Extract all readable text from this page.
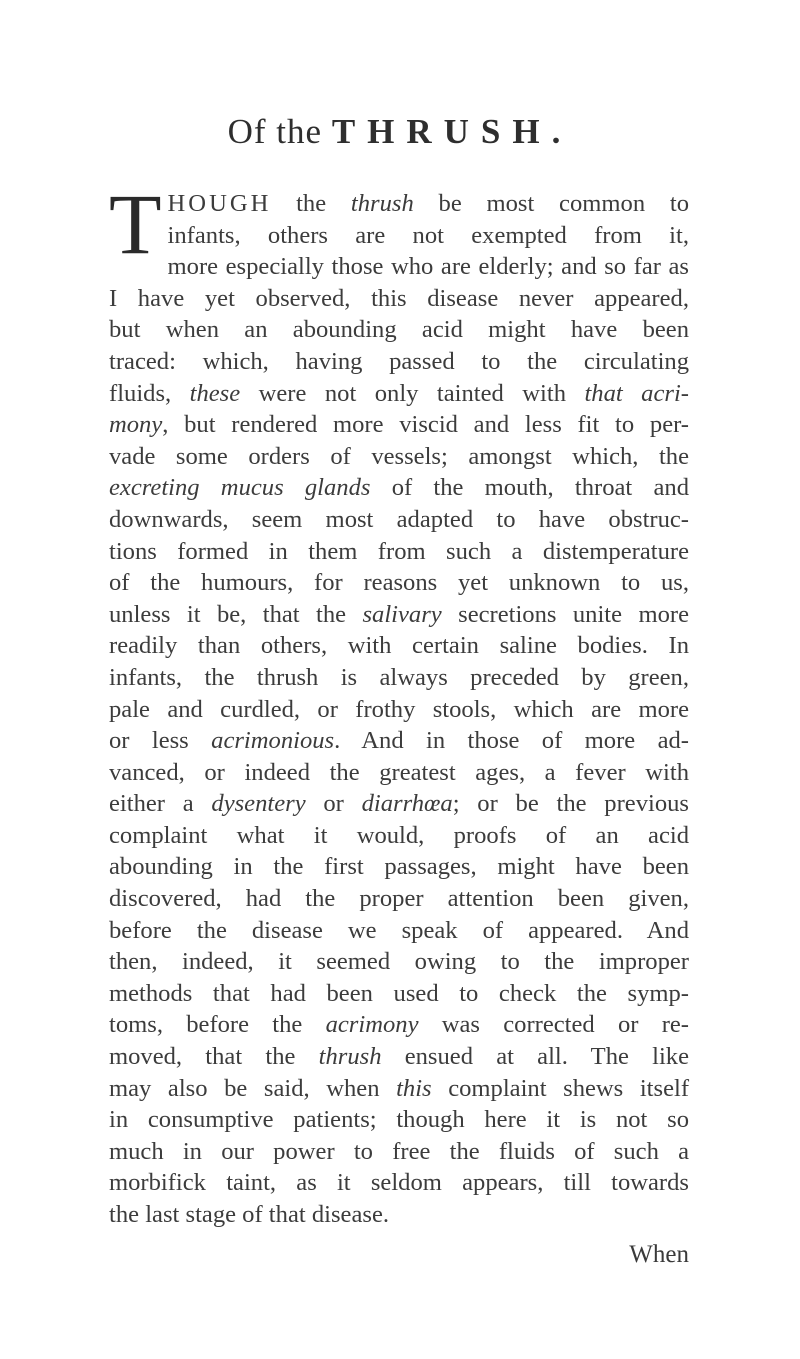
Of the THRUSH.
T HOUGH the thrush be most common to
infants, others are not exempted from it,
more especially those who are elderly; and so far as
I have yet observed, this disease never appeared,
but when an abounding acid might have been
traced: which, having passed to the circulating
fluids, these were not only tainted with that acri-
mony, but rendered more viscid and less fit to per-
vade some orders of vessels; amongst which, the
excreting mucus glands of the mouth, throat and
downwards, seem most adapted to have obstruc-
tions formed in them from such a distemperature
of the humours, for reasons yet unknown to us,
unless it be, that the salivary secretions unite more
readily than others, with certain saline bodies. In
infants, the thrush is always preceded by green,
pale and curdled, or frothy stools, which are more
or less acrimonious. And in those of more ad-
vanced, or indeed the greatest ages, a fever with
either a dysentery or diarrhœa; or be the previous
complaint what it would, proofs of an acid
abounding in the first passages, might have been
discovered, had the proper attention been given,
before the disease we speak of appeared. And
then, indeed, it seemed owing to the improper
methods that had been used to check the symp-
toms, before the acrimony was corrected or re-
moved, that the thrush ensued at all. The like
may also be said, when this complaint shews itself
in consumptive patients; though here it is not so
much in our power to free the fluids of such a
morbifick taint, as it seldom appears, till towards
the last stage of that disease.
When
